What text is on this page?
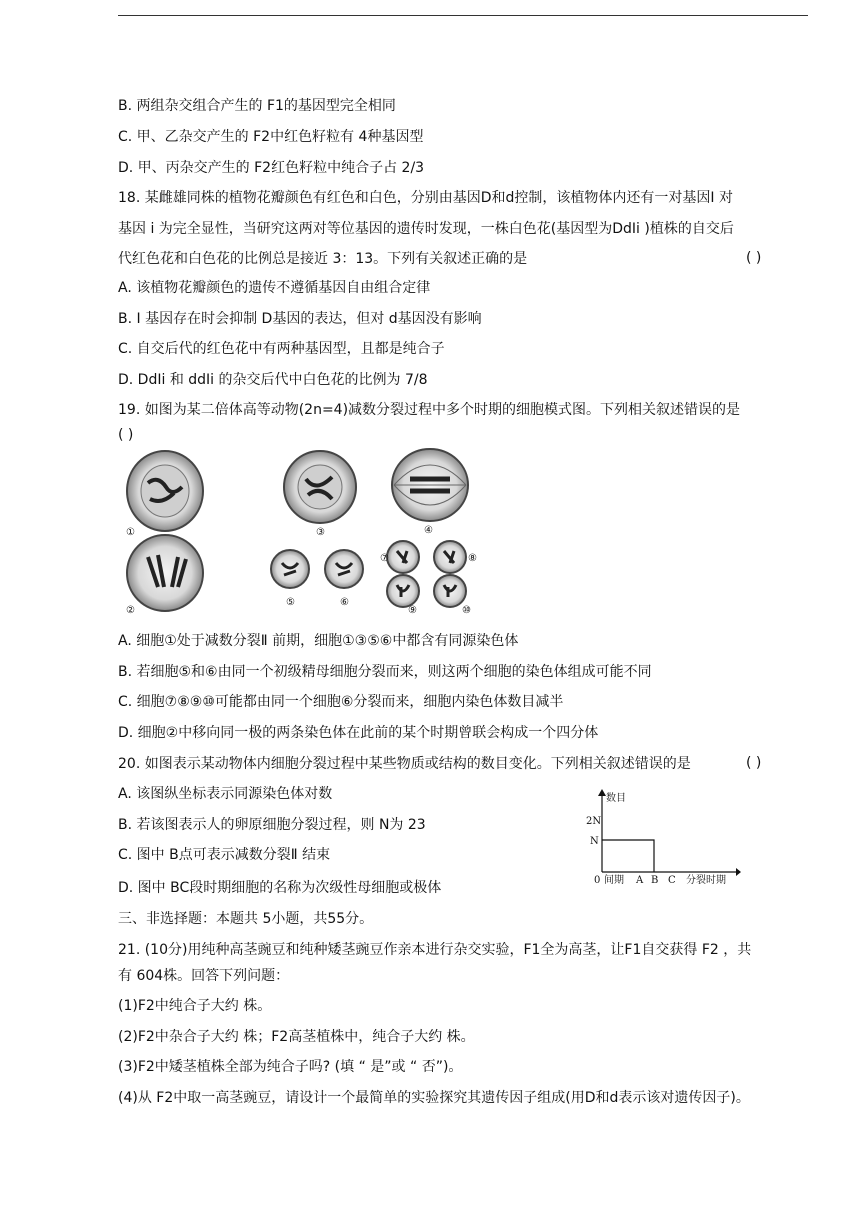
B. 两组杂交组合产生的 F1的基因型完全相同
C. 甲、乙杂交产生的 F2中红色籽粒有 4种基因型
D. 甲、丙杂交产生的 F2红色籽粒中纯合子占 2/3
18. 某雌雄同株的植物花瓣颜色有红色和白色，分别由基因D和d控制，该植物体内还有一对基因Ⅰ 对
基因 i 为完全显性，当研究这两对等位基因的遗传时发现，一株白色花(基因型为DdIi )植株的自交后
代红色花和白色花的比例总是接近 3：13。下列有关叙述正确的是	( )
A. 该植物花瓣颜色的遗传不遵循基因自由组合定律
B. Ⅰ 基因存在时会抑制 D基因的表达，但对 d基因没有影响
C. 自交后代的红色花中有两种基因型，且都是纯合子
D. DdIi 和 ddIi 的杂交后代中白色花的比例为 7/8
19. 如图为某二倍体高等动物(2n=4)减数分裂过程中多个时期的细胞模式图。下列相关叙述错误的是
( )
①
②
③	④
⑤	⑥
⑦	⑧
⑨	⑩
A. 细胞①处于减数分裂Ⅱ 前期，细胞①③⑤⑥中都含有同源染色体
B. 若细胞⑤和⑥由同一个初级精母细胞分裂而来，则这两个细胞的染色体组成可能不同
C. 细胞⑦⑧⑨⑩可能都由同一个细胞⑥分裂而来，细胞内染色体数目减半
D. 细胞②中移向同一极的两条染色体在此前的某个时期曾联会构成一个四分体
20. 如图表示某动物体内细胞分裂过程中某些物质或结构的数目变化。下列相关叙述错误的是	( )
A. 该图纵坐标表示同源染色体对数
B. 若该图表示人的卵原细胞分裂过程，则 N为 23
C. 图中 B点可表示减数分裂Ⅱ 结束
D. 图中 BC段时期细胞的名称为次级性母细胞或极体
数目
2N
N
0 间期 A B C 分裂时期
三、非选择题：本题共 5小题，共55分。
21. (10分)用纯种高茎豌豆和纯种矮茎豌豆作亲本进行杂交实验，F1全为高茎，让F1自交获得 F2 ，共
有 604株。回答下列问题：
(1)F2中纯合子大约 株。
(2)F2中杂合子大约 株；F2高茎植株中，纯合子大约 株。
(3)F2中矮茎植株全部为纯合子吗? (填 “ 是”或 “ 否”)。
(4)从 F2中取一高茎豌豆，请设计一个最简单的实验探究其遗传因子组成(用D和d表示该对遗传因子)。
